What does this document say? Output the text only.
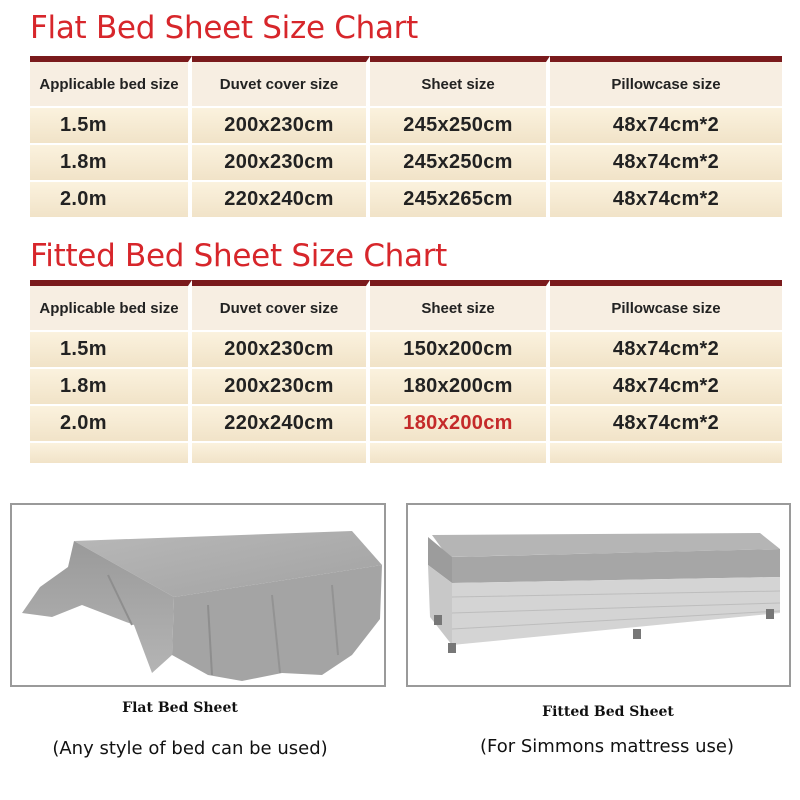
Flat Bed Sheet Size Chart
Applicable bed size	Duvet cover size	Sheet size	Pillowcase size
1.5m	200x230cm	245x250cm	48x74cm*2
1.8m	200x230cm	245x250cm	48x74cm*2
2.0m	220x240cm	245x265cm	48x74cm*2
Fitted Bed Sheet Size Chart
Applicable bed size	Duvet cover size	Sheet size	Pillowcase size
1.5m	200x230cm	150x200cm	48x74cm*2
1.8m	200x230cm	180x200cm	48x74cm*2
2.0m	220x240cm	180x200cm	48x74cm*2

Flat Bed Sheet

(Any style of bed can be used)

Fitted Bed Sheet

(For Simmons mattress use)
